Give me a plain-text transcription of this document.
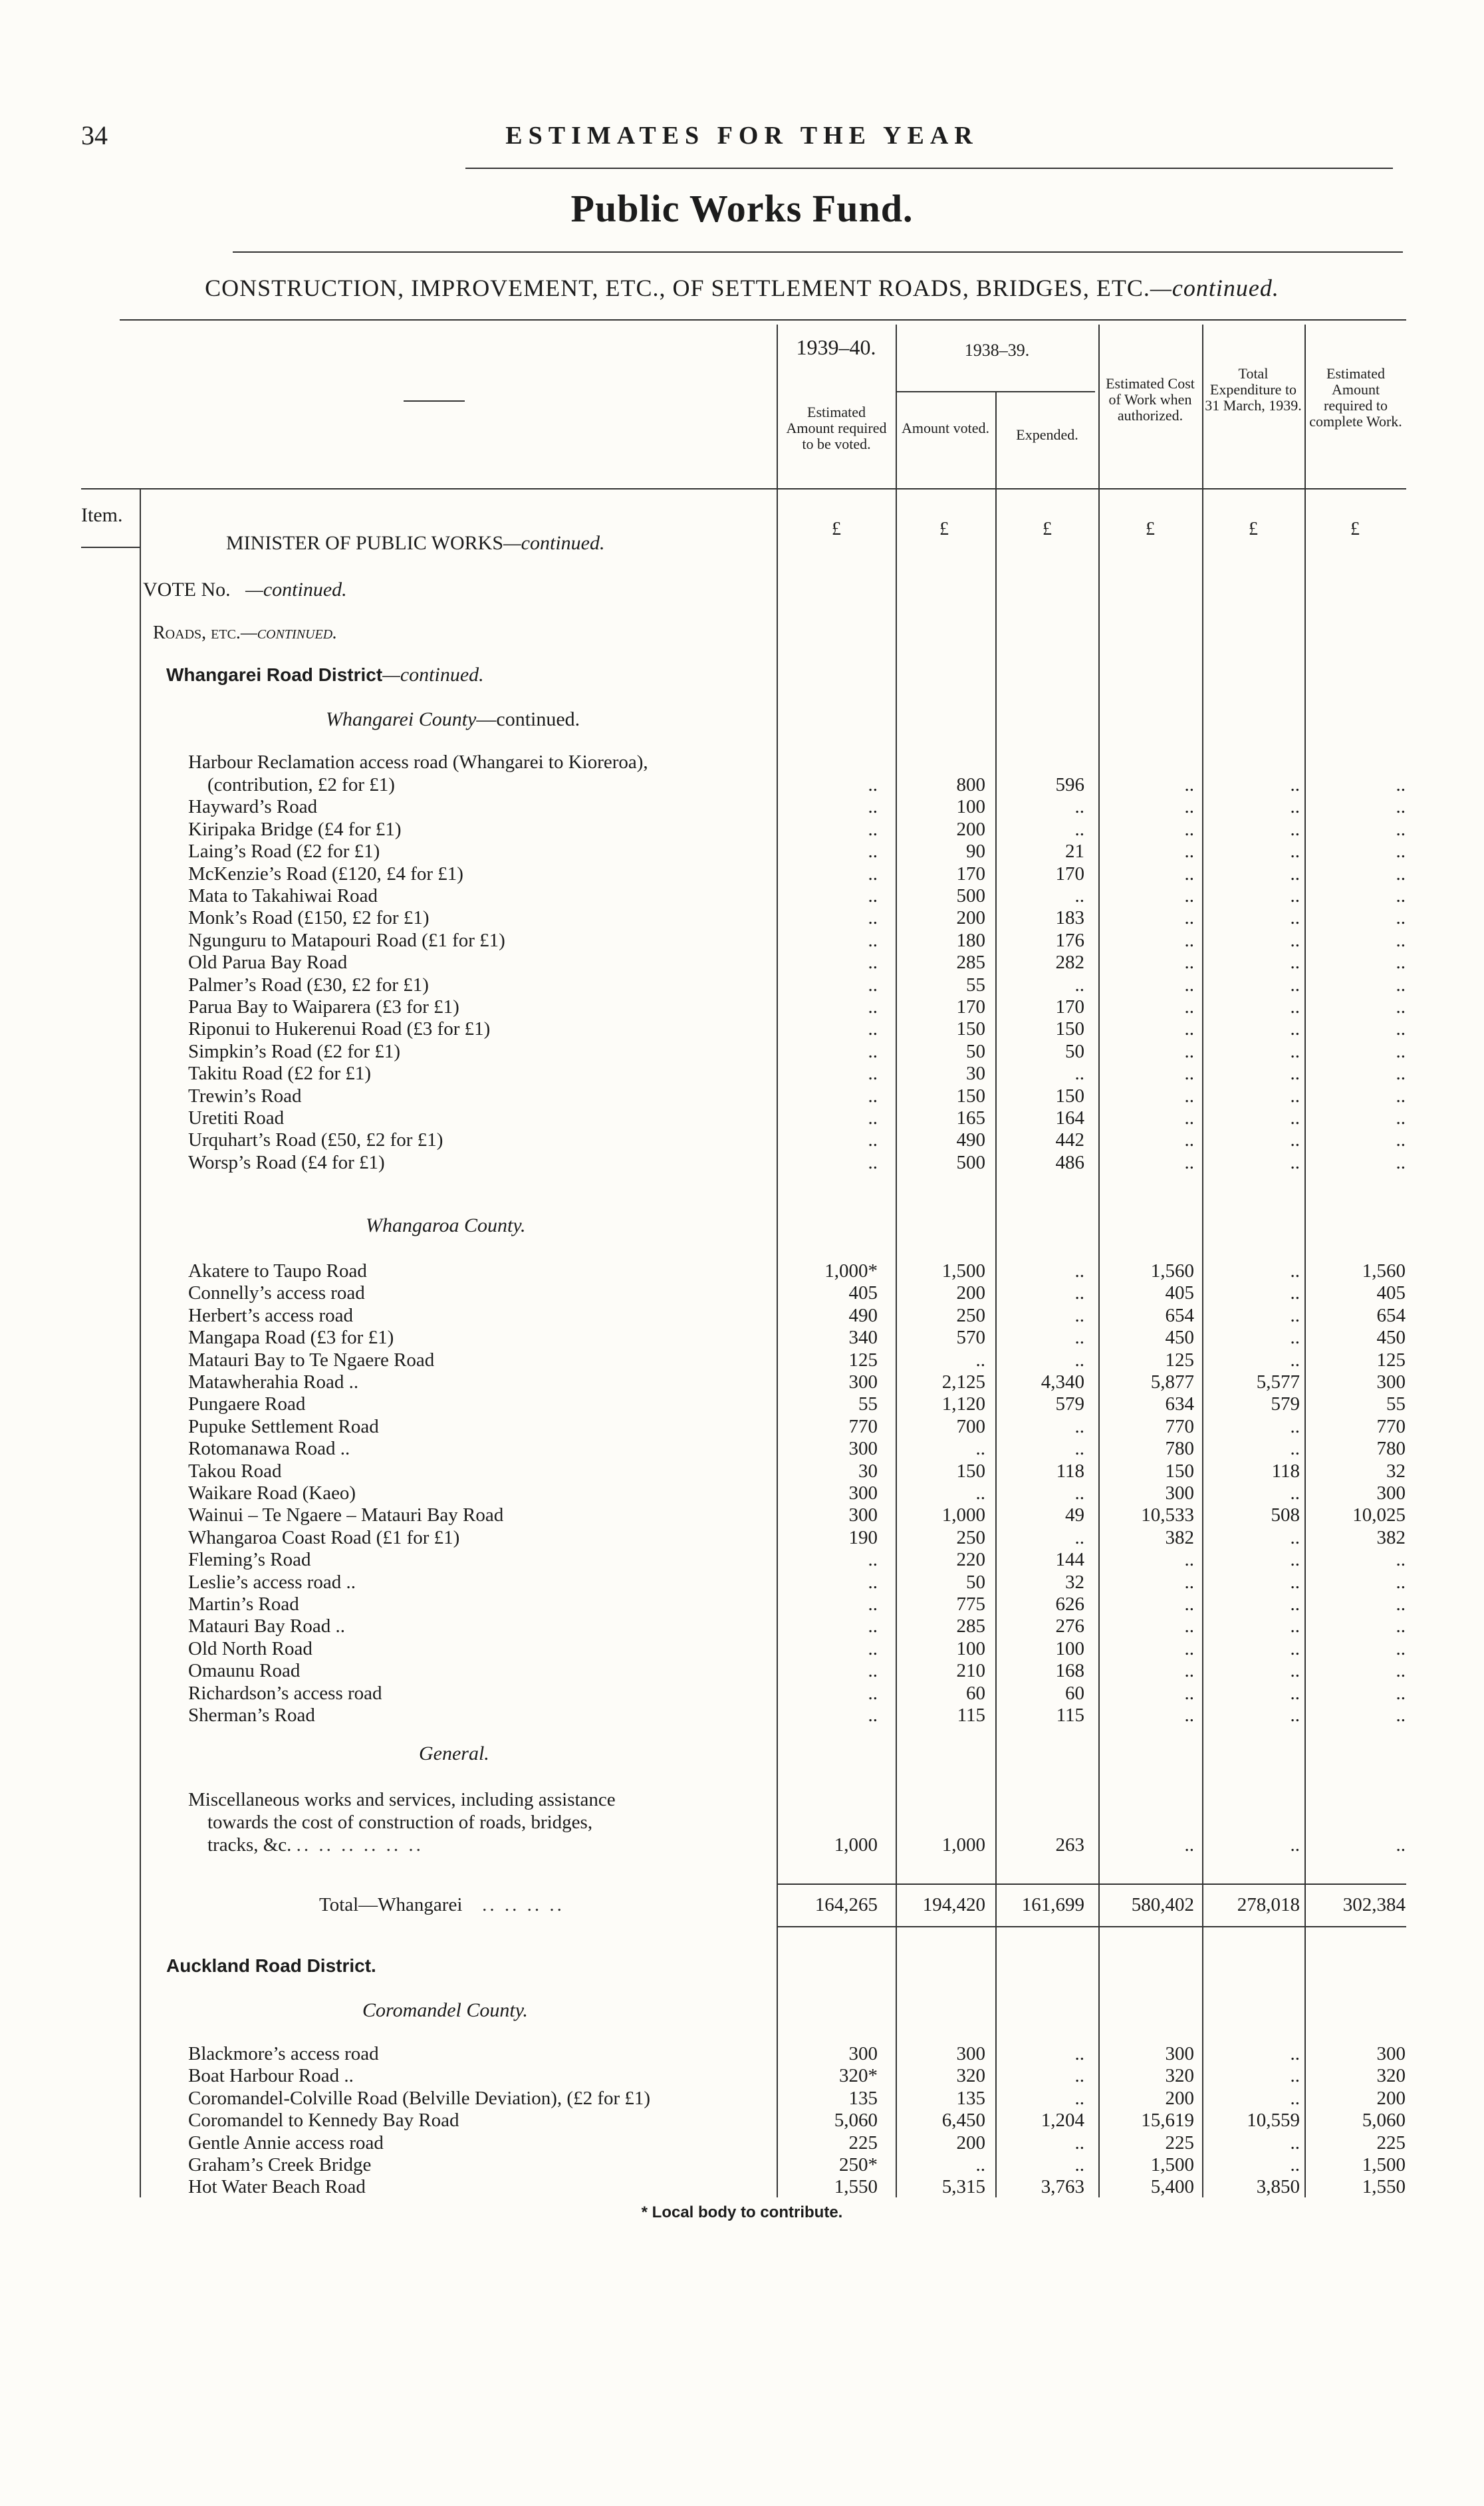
34	ESTIMATES FOR THE YEAR
Public Works Fund.
CONSTRUCTION, IMPROVEMENT, ETC., OF SETTLEMENT ROADS, BRIDGES, ETC.—continued.
1939–40.	1938–39.
Estimated Amount required to be voted.
Amount voted.	Expended.
Estimated Cost of Work when authorized.
Total Expenditure to 31 March, 1939.
Estimated Amount required to complete Work.
Item.
£	£	£	£	£	£
MINISTER OF PUBLIC WORKS—continued.
VOTE No. —continued.
Roads, etc.—continued.
Whangarei Road District—continued.
Whangarei County—continued.
Harbour Reclamation access road (Whangarei to Kioreroa),
(contribution, £2 for £1)	..	800	596	..	..	..
Hayward’s Road	..	100	..	..	..	..
Kiripaka Bridge (£4 for £1)	..	200	..	..	..	..
Laing’s Road (£2 for £1)	..	90	21	..	..	..
McKenzie’s Road (£120, £4 for £1)	..	170	170	..	..	..
Mata to Takahiwai Road	..	500	..	..	..	..
Monk’s Road (£150, £2 for £1)	..	200	183	..	..	..
Ngunguru to Matapouri Road (£1 for £1)	..	180	176	..	..	..
Old Parua Bay Road	..	285	282	..	..	..
Palmer’s Road (£30, £2 for £1)	..	55	..	..	..	..
Parua Bay to Waiparera (£3 for £1)	..	170	170	..	..	..
Riponui to Hukerenui Road (£3 for £1)	..	150	150	..	..	..
Simpkin’s Road (£2 for £1)	..	50	50	..	..	..
Takitu Road (£2 for £1)	..	30	..	..	..	..
Trewin’s Road	..	150	150	..	..	..
Uretiti Road	..	165	164	..	..	..
Urquhart’s Road (£50, £2 for £1)	..	490	442	..	..	..
Worsp’s Road (£4 for £1)	..	500	486	..	..	..
Whangaroa County.
Akatere to Taupo Road	1,000*	1,500	..	1,560	..	1,560
Connelly’s access road	405	200	..	405	..	405
Herbert’s access road	490	250	..	654	..	654
Mangapa Road (£3 for £1)	340	570	..	450	..	450
Matauri Bay to Te Ngaere Road	125	..	..	125	..	125
Matawherahia Road ..	300	2,125	4,340	5,877	5,577	300
Pungaere Road	55	1,120	579	634	579	55
Pupuke Settlement Road	770	700	..	770	..	770
Rotomanawa Road ..	300	..	..	780	..	780
Takou Road	30	150	118	150	118	32
Waikare Road (Kaeo)	300	..	..	300	..	300
Wainui – Te Ngaere – Matauri Bay Road	300	1,000	49	10,533	508	10,025
Whangaroa Coast Road (£1 for £1)	190	250	..	382	..	382
Fleming’s Road	..	220	144	..	..	..
Leslie’s access road ..	..	50	32	..	..	..
Martin’s Road	..	775	626	..	..	..
Matauri Bay Road ..	..	285	276	..	..	..
Old North Road	..	100	100	..	..	..
Omaunu Road	..	210	168	..	..	..
Richardson’s access road	..	60	60	..	..	..
Sherman’s Road	..	115	115	..	..	..
General.
Miscellaneous works and services, including assistance
towards the cost of construction of roads, bridges,
tracks, &c. .. .. .. .. .. ..	1,000	1,000	263	..	..	..
Total—Whangarei   .. .. .. ..	164,265	194,420	161,699	580,402	278,018	302,384
Auckland Road District.
Coromandel County.
Blackmore’s access road	300	300	..	300	..	300
Boat Harbour Road ..	320*	320	..	320	..	320
Coromandel-Colville Road (Belville Deviation), (£2 for £1)	135	135	..	200	..	200
Coromandel to Kennedy Bay Road	5,060	6,450	1,204	15,619	10,559	5,060
Gentle Annie access road	225	200	..	225	..	225
Graham’s Creek Bridge	250*	..	..	1,500	..	1,500
Hot Water Beach Road	1,550	5,315	3,763	5,400	3,850	1,550
* Local body to contribute.
